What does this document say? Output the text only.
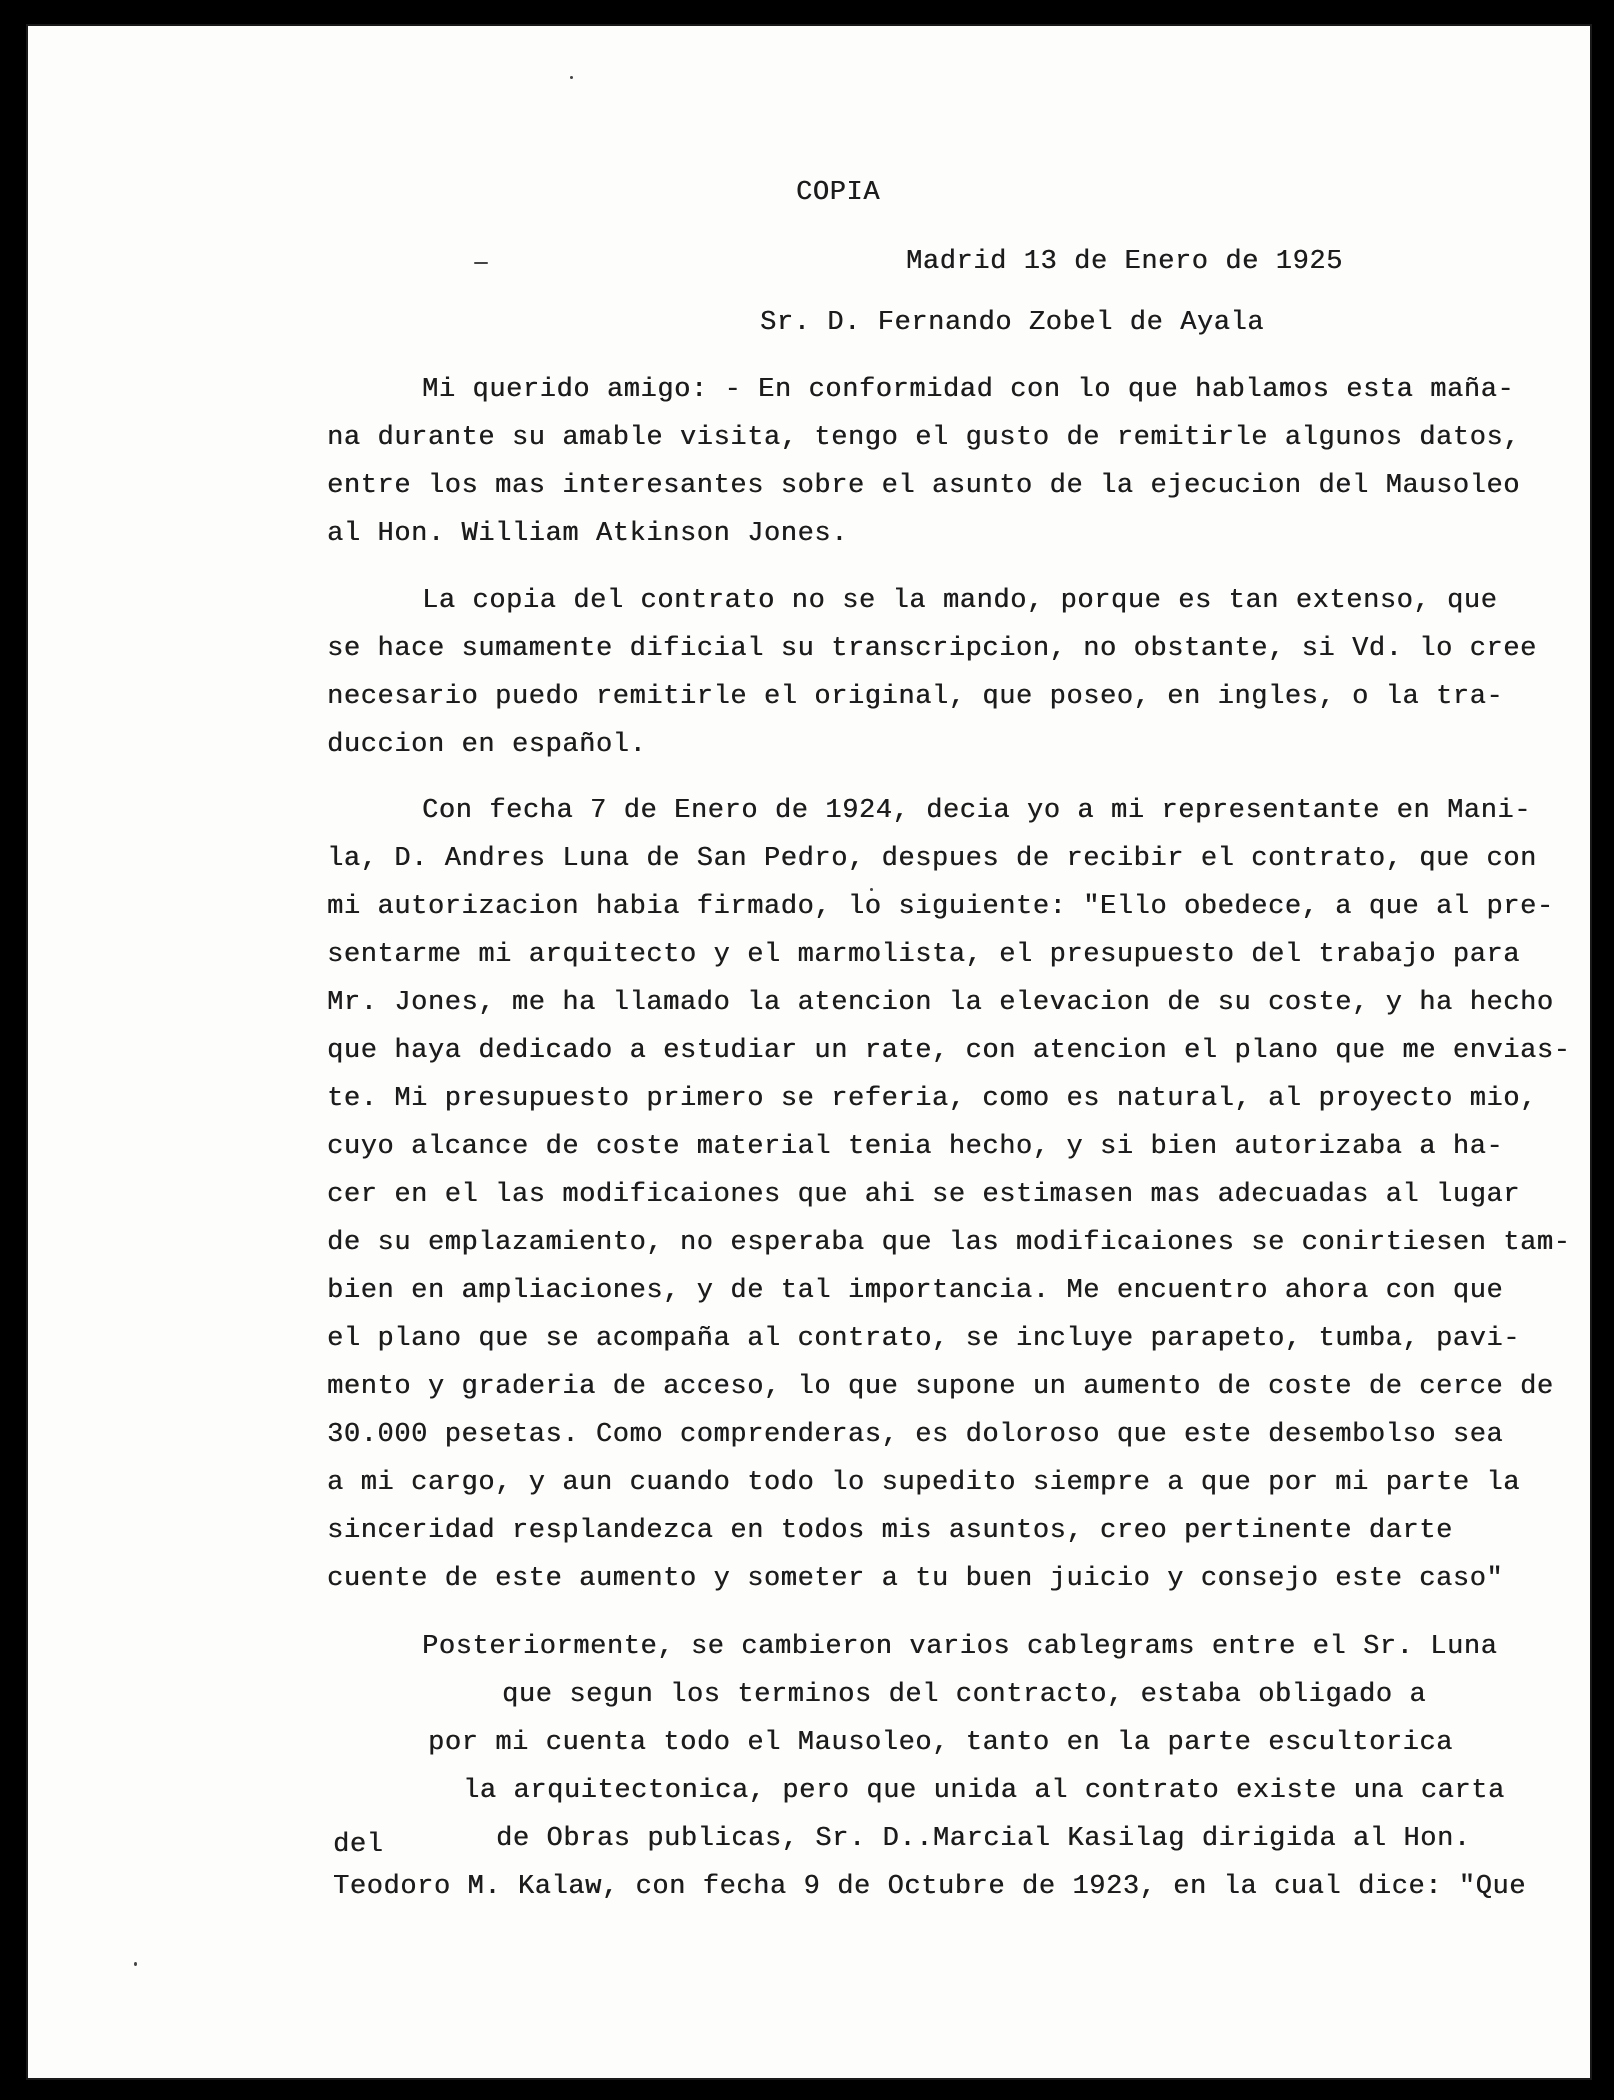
COPIA
Madrid 13 de Enero de 1925
Sr. D. Fernando Zobel de Ayala
Mi querido amigo: - En conformidad con lo que hablamos esta maña-
na durante su amable visita, tengo el gusto de remitirle algunos datos,
entre los mas interesantes sobre el asunto de la ejecucion del Mausoleo
al Hon. William Atkinson Jones.
La copia del contrato no se la mando, porque es tan extenso, que
se hace sumamente dificial su transcripcion, no obstante, si Vd. lo cree
necesario puedo remitirle el original, que poseo, en ingles, o la tra-
duccion en español.
Con fecha 7 de Enero de 1924, decia yo a mi representante en Mani-
la, D. Andres Luna de San Pedro, despues de recibir el contrato, que con
mi autorizacion habia firmado, lo siguiente: "Ello obedece, a que al pre-
sentarme mi arquitecto y el marmolista, el presupuesto del trabajo para
Mr. Jones, me ha llamado la atencion la elevacion de su coste, y ha hecho
que haya dedicado a estudiar un rate, con atencion el plano que me envias-
te. Mi presupuesto primero se referia, como es natural, al proyecto mio,
cuyo alcance de coste material tenia hecho, y si bien autorizaba a ha-
cer en el las modificaiones que ahi se estimasen mas adecuadas al lugar
de su emplazamiento, no esperaba que las modificaiones se conirtiesen tam-
bien en ampliaciones, y de tal importancia. Me encuentro ahora con que
el plano que se acompaña al contrato, se incluye parapeto, tumba, pavi-
mento y graderia de acceso, lo que supone un aumento de coste de cerce de
30.000 pesetas. Como comprenderas, es doloroso que este desembolso sea
a mi cargo, y aun cuando todo lo supedito siempre a que por mi parte la
sinceridad resplandezca en todos mis asuntos, creo pertinente darte
cuente de este aumento y someter a tu buen juicio y consejo este caso"
Posteriormente, se cambieron varios cablegrams entre el Sr. Luna
que segun los terminos del contracto, estaba obligado a
por mi cuenta todo el Mausoleo, tanto en la parte escultorica
la arquitectonica, pero que unida al contrato existe una carta
del	de Obras publicas, Sr. D..Marcial Kasilag dirigida al Hon.
Teodoro M. Kalaw, con fecha 9 de Octubre de 1923, en la cual dice: "Que
